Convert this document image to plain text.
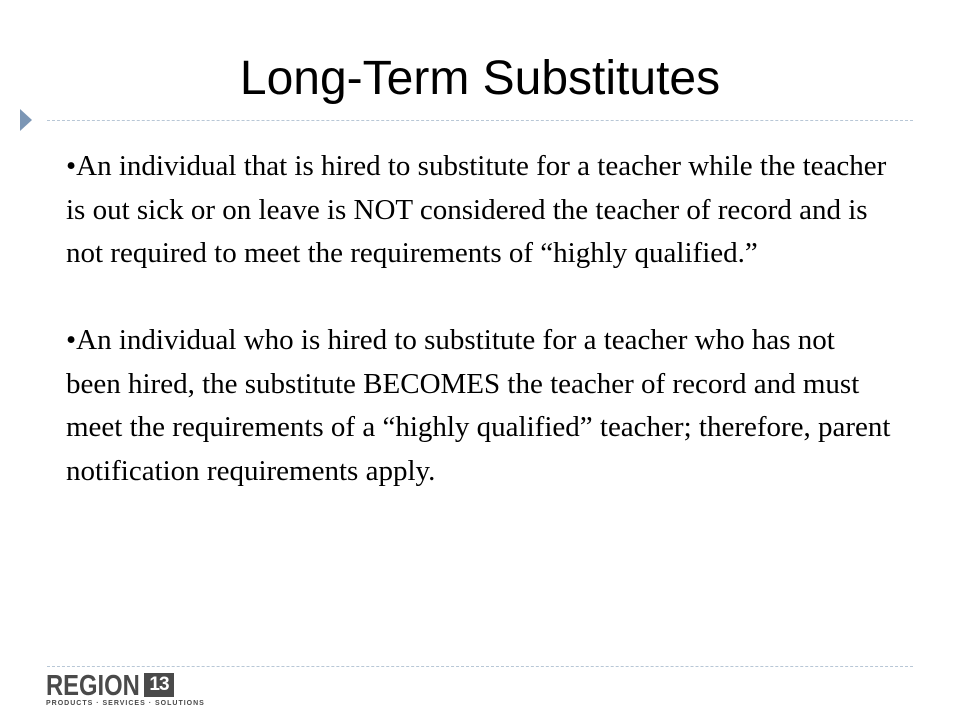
Long-Term Substitutes

•An individual that is hired to substitute for a teacher while the teacher is out sick or on leave is NOT considered the teacher of record and is not required to meet the requirements of “highly qualified.”

•An individual who is hired to substitute for a teacher who has not been hired, the substitute BECOMES the teacher of record and must meet the requirements of a “highly qualified” teacher; therefore, parent notification requirements apply.

REGION 13
PRODUCTS · SERVICES · SOLUTIONS
